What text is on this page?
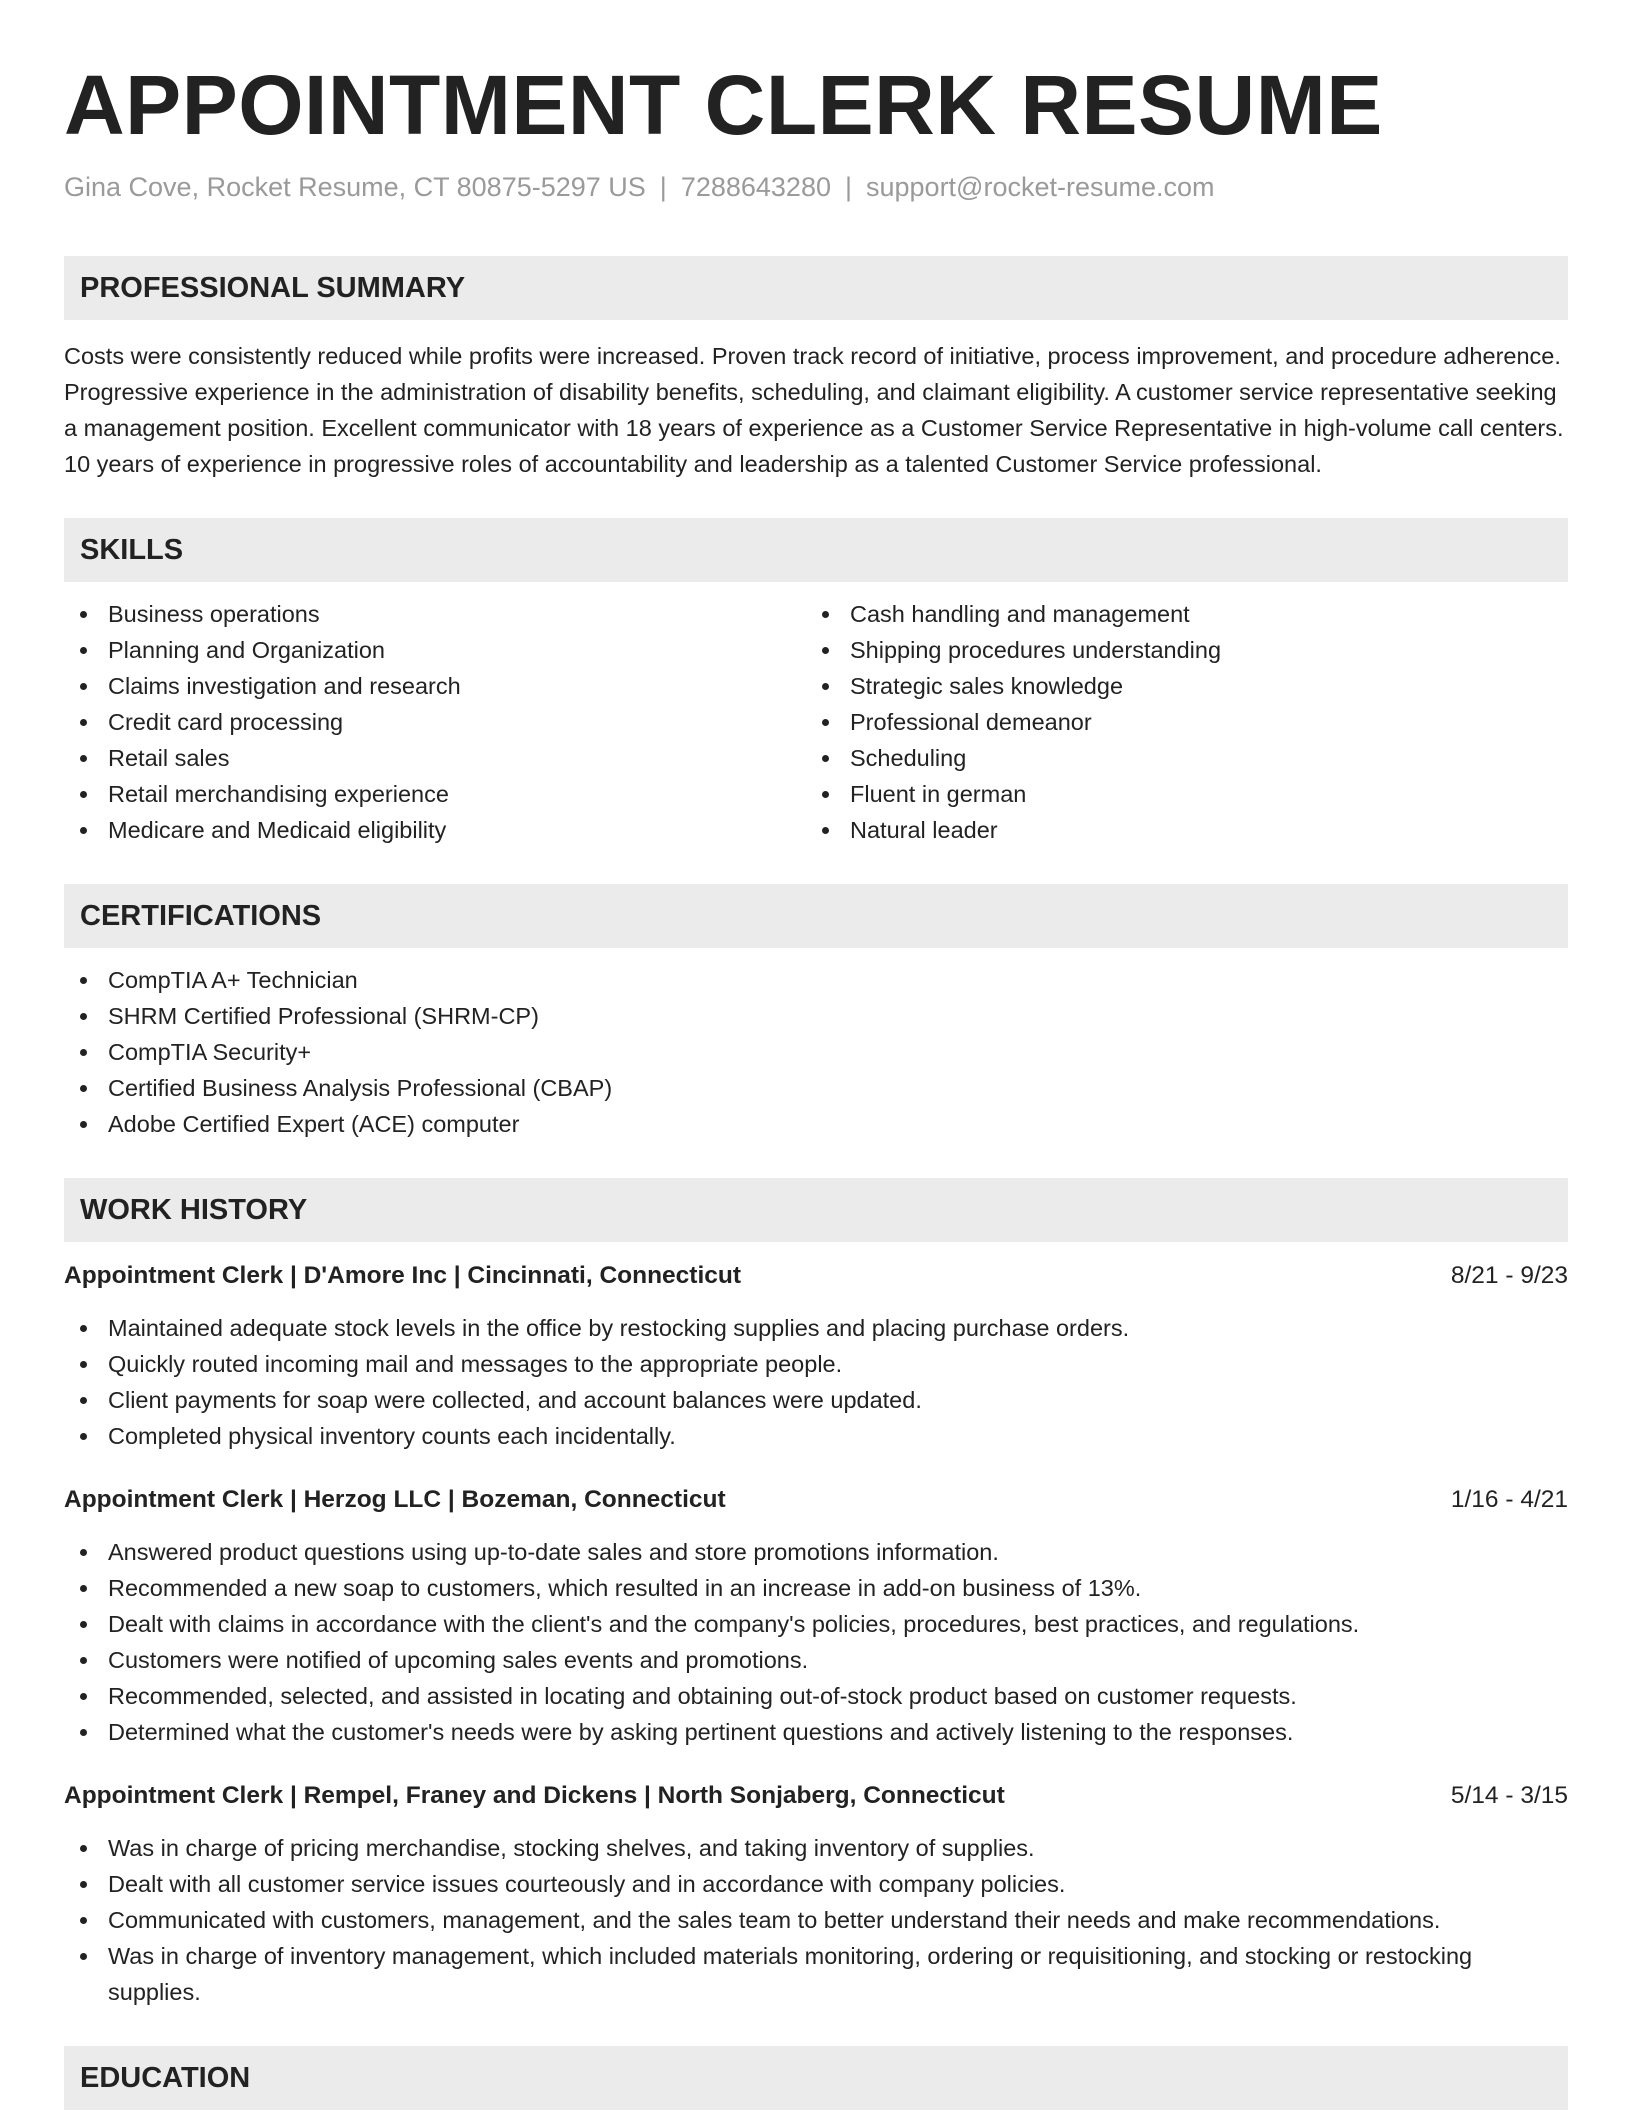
APPOINTMENT CLERK RESUME
Gina Cove, Rocket Resume, CT 80875-5297 US | 7288643280 | support@rocket-resume.com
PROFESSIONAL SUMMARY

Costs were consistently reduced while profits were increased. Proven track record of initiative, process improvement, and procedure adherence. Progressive experience in the administration of disability benefits, scheduling, and claimant eligibility. A customer service representative seeking a management position. Excellent communicator with 18 years of experience as a Customer Service Representative in high-volume call centers. 10 years of experience in progressive roles of accountability and leadership as a talented Customer Service professional.

SKILLS
Business operations
Planning and Organization
Claims investigation and research
Credit card processing
Retail sales
Retail merchandising experience
Medicare and Medicaid eligibility
Cash handling and management
Shipping procedures understanding
Strategic sales knowledge
Professional demeanor
Scheduling
Fluent in german
Natural leader
CERTIFICATIONS
CompTIA A+ Technician
SHRM Certified Professional (SHRM-CP)
CompTIA Security+
Certified Business Analysis Professional (CBAP)
Adobe Certified Expert (ACE) computer
WORK HISTORY
Appointment Clerk | D'Amore Inc | Cincinnati, Connecticut	8/21 - 9/23
Maintained adequate stock levels in the office by restocking supplies and placing purchase orders.
Quickly routed incoming mail and messages to the appropriate people.
Client payments for soap were collected, and account balances were updated.
Completed physical inventory counts each incidentally.
Appointment Clerk | Herzog LLC | Bozeman, Connecticut	1/16 - 4/21
Answered product questions using up-to-date sales and store promotions information.
Recommended a new soap to customers, which resulted in an increase in add-on business of 13%.
Dealt with claims in accordance with the client's and the company's policies, procedures, best practices, and regulations.
Customers were notified of upcoming sales events and promotions.
Recommended, selected, and assisted in locating and obtaining out-of-stock product based on customer requests.
Determined what the customer's needs were by asking pertinent questions and actively listening to the responses.
Appointment Clerk | Rempel, Franey and Dickens | North Sonjaberg, Connecticut	5/14 - 3/15
Was in charge of pricing merchandise, stocking shelves, and taking inventory of supplies.
Dealt with all customer service issues courteously and in accordance with company policies.
Communicated with customers, management, and the sales team to better understand their needs and make recommendations.
Was in charge of inventory management, which included materials monitoring, ordering or requisitioning, and stocking or restocking supplies.
EDUCATION
